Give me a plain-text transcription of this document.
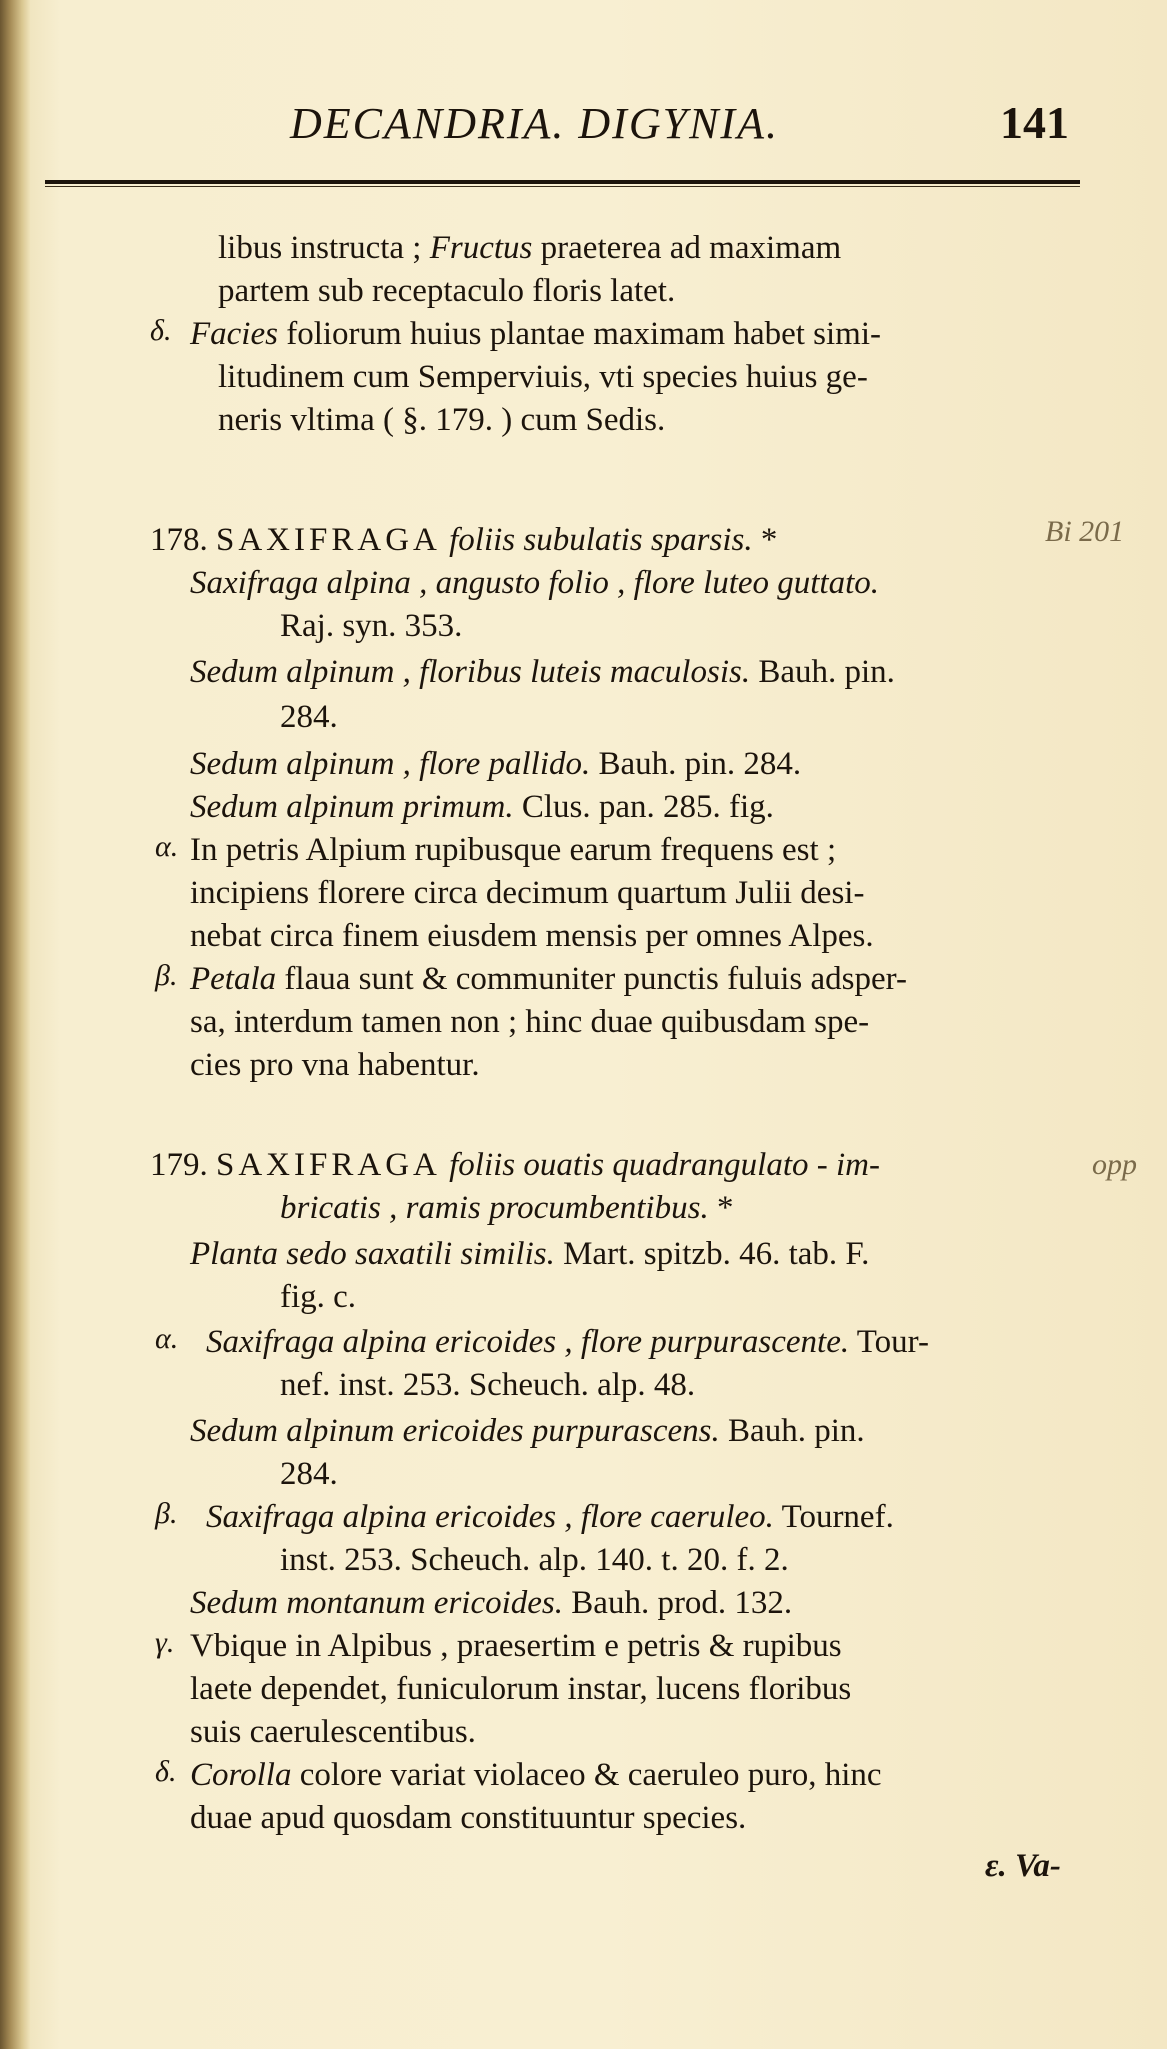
DECANDRIA. DIGYNIA.	141
libus instructa ; Fructus praeterea ad maximam
partem sub receptaculo floris latet.
δ. Facies foliorum huius plantae maximam habet simi-
litudinem cum Semperviuis, vti species huius ge-
neris vltima ( §. 179. ) cum Sedis.
178. SAXIFRAGA foliis subulatis sparsis. *	Bi 201
Saxifraga alpina , angusto folio , flore luteo guttato.
Raj. syn. 353.
Sedum alpinum , floribus luteis maculosis. Bauh. pin.
284.
Sedum alpinum , flore pallido. Bauh. pin. 284.
Sedum alpinum primum. Clus. pan. 285. fig.
α. In petris Alpium rupibusque earum frequens est ;
incipiens florere circa decimum quartum Julii desi-
nebat circa finem eiusdem mensis per omnes Alpes.
β. Petala flaua sunt & communiter punctis fuluis adsper-
sa, interdum tamen non ; hinc duae quibusdam spe-
cies pro vna habentur.
179. SAXIFRAGA foliis ouatis quadrangulato - im-	opp
bricatis , ramis procumbentibus. *
Planta sedo saxatili similis. Mart. spitzb. 46. tab. F.
fig. c.
α. Saxifraga alpina ericoides , flore purpurascente. Tour-
nef. inst. 253. Scheuch. alp. 48.
Sedum alpinum ericoides purpurascens. Bauh. pin.
284.
β. Saxifraga alpina ericoides , flore caeruleo. Tournef.
inst. 253. Scheuch. alp. 140. t. 20. f. 2.
Sedum montanum ericoides. Bauh. prod. 132.
γ. Vbique in Alpibus , praesertim e petris & rupibus
laete dependet, funiculorum instar, lucens floribus
suis caerulescentibus.
δ. Corolla colore variat violaceo & caeruleo puro, hinc
duae apud quosdam constituuntur species.
ε. Va-
